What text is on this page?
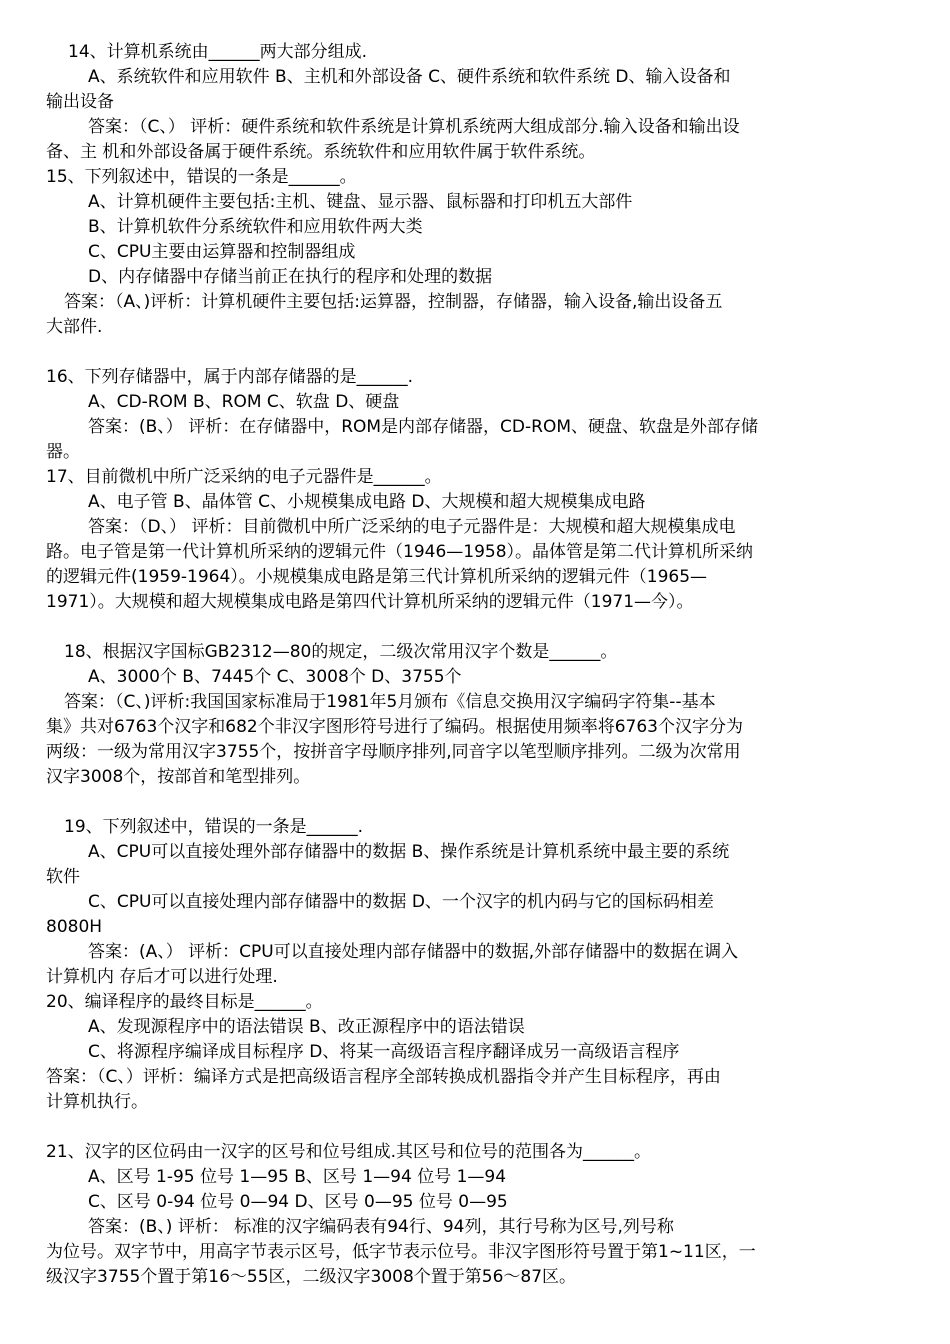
14、计算机系统由______两大部分组成.
A、系统软件和应用软件 B、主机和外部设备 C、硬件系统和软件系统 D、输入设备和
输出设备
答案：（C、） 评析：硬件系统和软件系统是计算机系统两大组成部分.输入设备和输出设
备、主 机和外部设备属于硬件系统。系统软件和应用软件属于软件系统。
15、下列叙述中，错误的一条是______。
A、计算机硬件主要包括:主机、键盘、显示器、鼠标器和打印机五大部件
B、计算机软件分系统软件和应用软件两大类
C、CPU主要由运算器和控制器组成
D、内存储器中存储当前正在执行的程序和处理的数据
答案：（A、)评析：计算机硬件主要包括:运算器，控制器，存储器，输入设备,输出设备五
大部件.
16、下列存储器中，属于内部存储器的是______.
A、CD-ROM B、ROM C、软盘 D、硬盘
答案：(B、） 评析：在存储器中，ROM是内部存储器，CD-ROM、硬盘、软盘是外部存储
器。
17、目前微机中所广泛采纳的电子元器件是______。
A、电子管 B、晶体管 C、小规模集成电路 D、大规模和超大规模集成电路
答案：（D、） 评析：目前微机中所广泛采纳的电子元器件是：大规模和超大规模集成电
路。电子管是第一代计算机所采纳的逻辑元件（1946—1958）。晶体管是第二代计算机所采纳
的逻辑元件(1959-1964）。小规模集成电路是第三代计算机所采纳的逻辑元件（1965—
1971）。大规模和超大规模集成电路是第四代计算机所采纳的逻辑元件（1971—今）。
18、根据汉字国标GB2312—80的规定，二级次常用汉字个数是______。
A、3000个 B、7445个 C、3008个 D、3755个
答案：（C、)评析:我国国家标准局于1981年5月颁布《信息交换用汉字编码字符集--基本
集》共对6763个汉字和682个非汉字图形符号进行了编码。根据使用频率将6763个汉字分为
两级：一级为常用汉字3755个，按拼音字母顺序排列,同音字以笔型顺序排列。二级为次常用
汉字3008个，按部首和笔型排列。
19、下列叙述中，错误的一条是______.
A、CPU可以直接处理外部存储器中的数据 B、操作系统是计算机系统中最主要的系统
软件
C、CPU可以直接处理内部存储器中的数据 D、一个汉字的机内码与它的国标码相差
8080H
答案：(A、） 评析：CPU可以直接处理内部存储器中的数据,外部存储器中的数据在调入
计算机内 存后才可以进行处理.
20、编译程序的最终目标是______。
A、发现源程序中的语法错误 B、改正源程序中的语法错误
C、将源程序编译成目标程序 D、将某一高级语言程序翻译成另一高级语言程序
答案：（C、）评析：编译方式是把高级语言程序全部转换成机器指令并产生目标程序，再由
计算机执行。
21、汉字的区位码由一汉字的区号和位号组成.其区号和位号的范围各为______。
A、区号 1-95 位号 1—95 B、区号 1—94 位号 1—94
C、区号 0-94 位号 0—94 D、区号 0—95 位号 0—95
答案：(B、) 评析： 标准的汉字编码表有94行、94列，其行号称为区号,列号称
为位号。双字节中，用高字节表示区号，低字节表示位号。非汉字图形符号置于第1~11区，一
级汉字3755个置于第16～55区，二级汉字3008个置于第56～87区。
